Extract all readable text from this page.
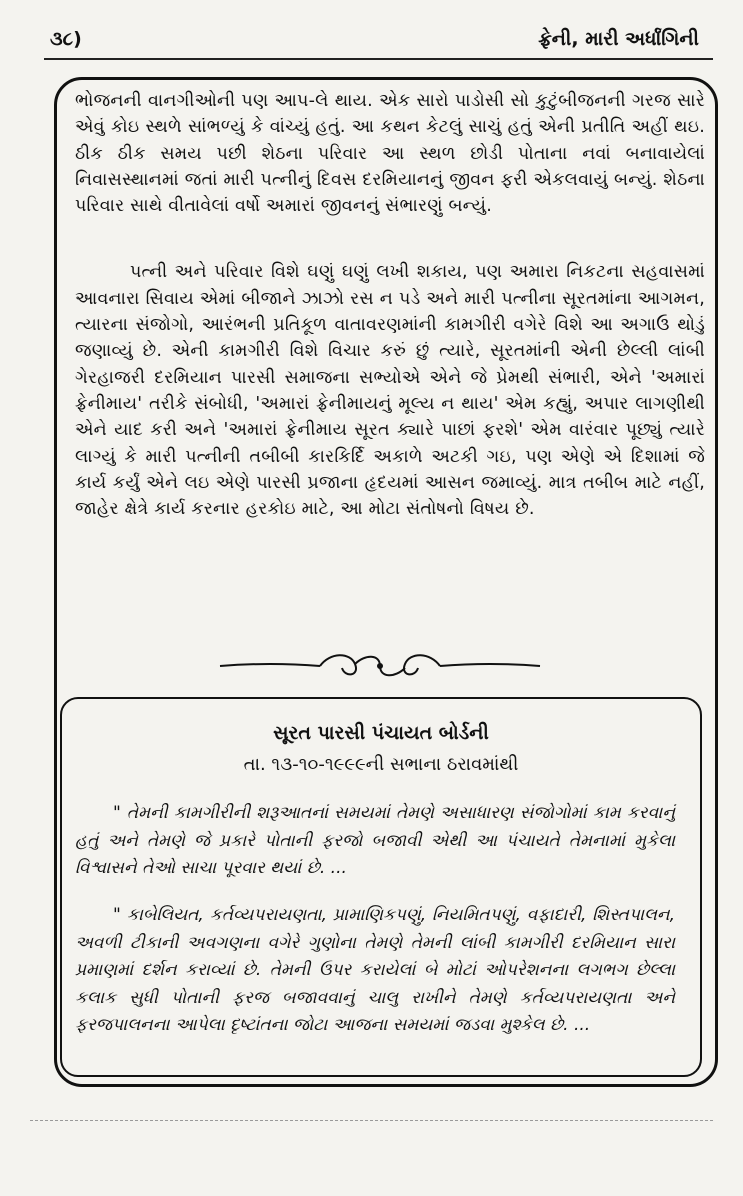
૩૮)	ફ્રેની, મારી અર્ધાંગિની

ભોજનની વાનગીઓની પણ આપ-લે થાય. એક સારો પાડોસી સો કુટુંબીજનની ગરજ સારે એવું કોઇ સ્થળે સાંભળ્યું કે વાંચ્યું હતું. આ કથન કેટલું સાચું હતું એની પ્રતીતિ અહીં થઇ. ઠીક ઠીક સમય પછી શેઠના પરિવાર આ સ્થળ છોડી પોતાના નવાં બનાવાયેલાં નિવાસસ્થાનમાં જતાં મારી પત્નીનું દિવસ દરમિયાનનું જીવન ફરી એકલવાયું બન્યું. શેઠના પરિવાર સાથે વીતાવેલાં વર્ષો અમારાં જીવનનું સંભારણું બન્યું.

પત્ની અને પરિવાર વિશે ઘણું ઘણું લખી શકાય, પણ અમારા નિકટના સહવાસમાં આવનારા સિવાય એમાં બીજાને ઝાઝો રસ ન પડે અને મારી પત્નીના સૂરતમાંના આગમન, ત્યારના સંજોગો, આરંભની પ્રતિકૂળ વાતાવરણમાંની કામગીરી વગેરે વિશે આ અગાઉ થોડું જણાવ્યું છે. એની કામગીરી વિશે વિચાર કરું છું ત્યારે, સૂરતમાંની એની છેલ્લી લાંબી ગેરહાજરી દરમિયાન પારસી સમાજના સભ્યોએ એને જે પ્રેમથી સંભારી, એને 'અમારાં ફ્રેનીમાય' તરીકે સંબોધી, 'અમારાં ફ્રેનીમાયનું મૂલ્ય ન થાય' એમ કહ્યું, અપાર લાગણીથી એને યાદ કરી અને 'અમારાં ફ્રેનીમાય સૂરત ક્યારે પાછાં ફરશે' એમ વારંવાર પૂછ્યું ત્યારે લાગ્યું કે મારી પત્નીની તબીબી કારકિર્દિ અકાળે અટકી ગઇ, પણ એણે એ દિશામાં જે કાર્ય કર્યું એને લઇ એણે પારસી પ્રજાના હૃદયમાં આસન જમાવ્યું. માત્ર તબીબ માટે નહીં, જાહેર ક્ષેત્રે કાર્ય કરનાર હરકોઇ માટે, આ મોટા સંતોષનો વિષય છે.

સૂરત પારસી પંચાયત બોર્ડની
તા. ૧૩-૧૦-૧૯૯૯ની સભાના ઠરાવમાંથી

" તેમની કામગીરીની શરૂઆતનાં સમયમાં તેમણે અસાધારણ સંજોગોમાં કામ કરવાનું હતું અને તેમણે જે પ્રકારે પોતાની ફરજો બજાવી એથી આ પંચાયતે તેમનામાં મુકેલા વિશ્વાસને તેઓ સાચા પૂરવાર થયાં છે. ...

" કાબેલિયત, કર્તવ્યપરાયણતા, પ્રામાણિકપણું, નિયમિતપણું, વફાદારી, શિસ્તપાલન, અવળી ટીકાની અવગણના વગેરે ગુણોના તેમણે તેમની લાંબી કામગીરી દરમિયાન સારા પ્રમાણમાં દર્શન કરાવ્યાં છે. તેમની ઉપર કરાયેલાં બે મોટાં ઓપરેશનના લગભગ છેલ્લા કલાક સુધી પોતાની ફરજ બજાવવાનું ચાલુ રાખીને તેમણે કર્તવ્યપરાયણતા અને ફરજપાલનના આપેલા દૃષ્ટાંતના જોટા આજના સમયમાં જડવા મુશ્કેલ છે. ...
